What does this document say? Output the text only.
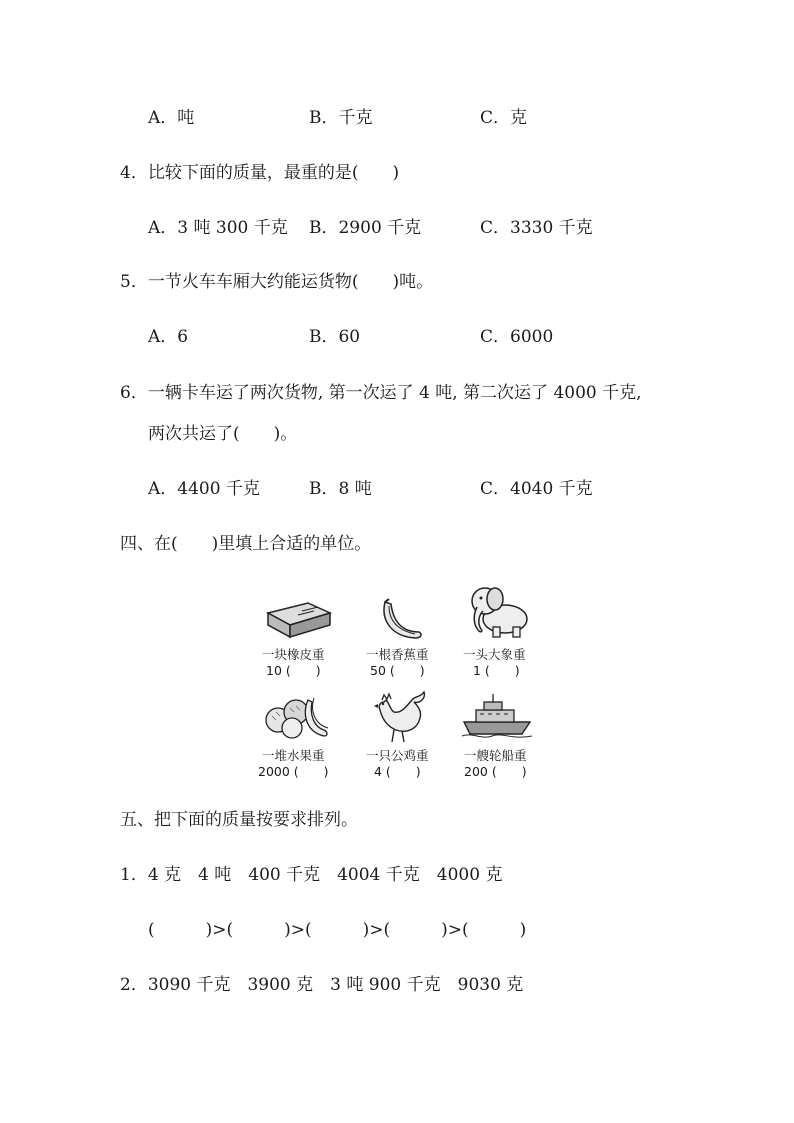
A．吨	B．千克	C．克
4．比较下面的质量，最重的是(　　)
A．3 吨 300 千克 B．2900 千克	C．3330 千克
5．一节火车车厢大约能运货物(　　)吨。
A．6	B．60	C．6000
6．一辆卡车运了两次货物, 第一次运了 4 吨, 第二次运了 4000 千克,
两次共运了(　　)。
A．4400 千克	B．8 吨	C．4040 千克
四、在(　　)里填上合适的单位。
一块橡皮重
10 (　　)
一根香蕉重
50 (　　)
一头大象重
1 (　　)
一堆水果重
2000 (　　)
一只公鸡重
4 (　　)
一艘轮船重
200 (　　)
五、把下面的质量按要求排列。
1．4 克　4 吨　400 千克　4004 千克　4000 克
(　　　)>(　　　)>(　　　)>(　　　)>(　　　)
2．3090 千克　3900 克　3 吨 900 千克　9030 克
